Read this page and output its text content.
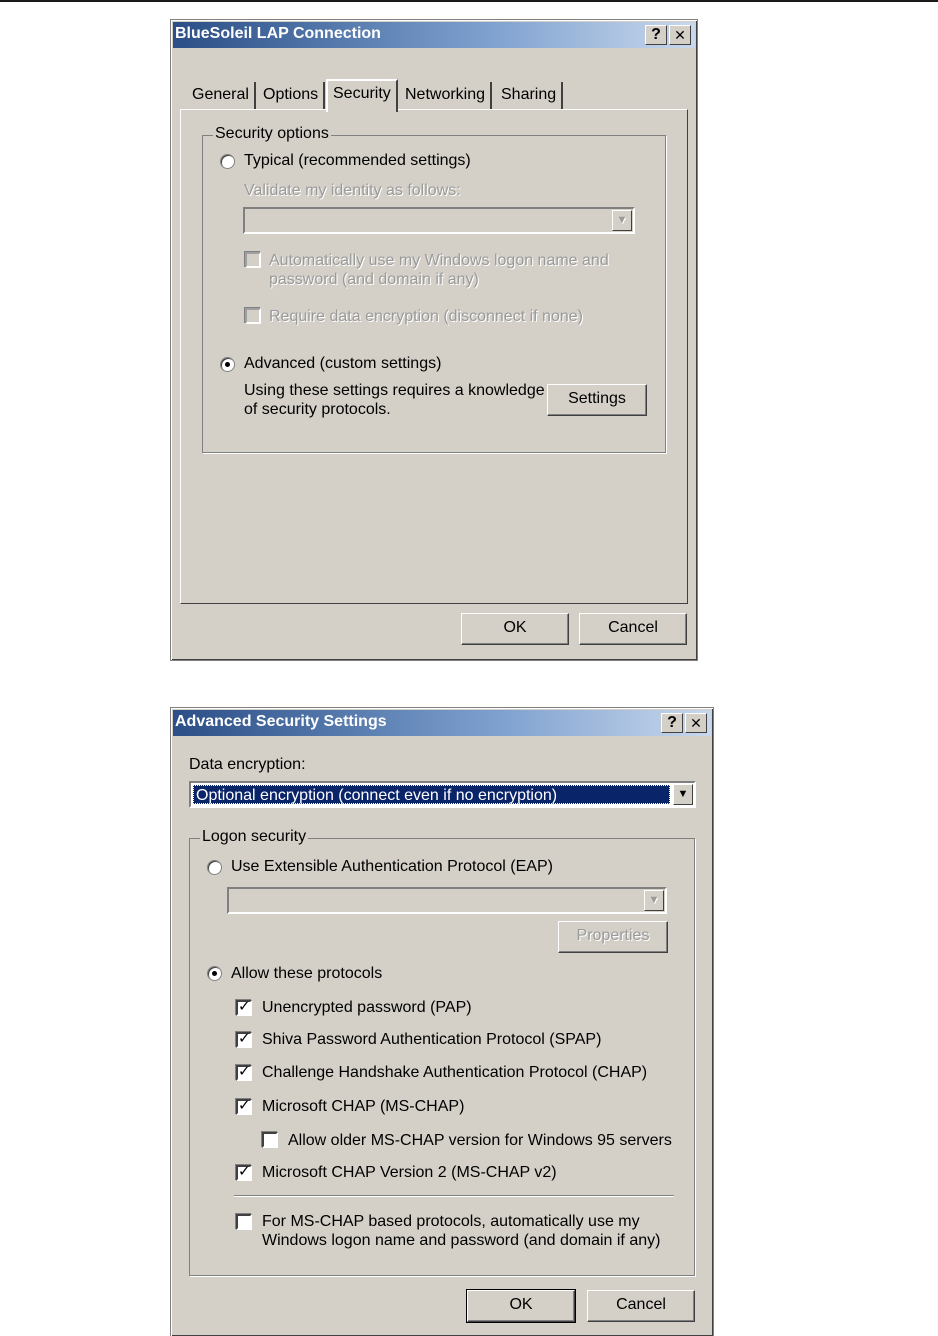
BlueSoleil LAP Connection	? ✕
General Options Security Networking Sharing
Security options
Typical (recommended settings)
Validate my identity as follows:
▼
Automatically use my Windows logon name and
password (and domain if any)
Require data encryption (disconnect if none)
Advanced (custom settings)
Using these settings requires a knowledge
of security protocols.
Settings
OK	Cancel
Advanced Security Settings	? ✕
Data encryption:
Optional encryption (connect even if no encryption)	▼
Logon security
Use Extensible Authentication Protocol (EAP)
▼
Properties
Allow these protocols
✓ Unencrypted password (PAP)
✓ Shiva Password Authentication Protocol (SPAP)
✓ Challenge Handshake Authentication Protocol (CHAP)
✓ Microsoft CHAP (MS-CHAP)
Allow older MS-CHAP version for Windows 95 servers
✓ Microsoft CHAP Version 2 (MS-CHAP v2)
For MS-CHAP based protocols, automatically use my
Windows logon name and password (and domain if any)
OK	Cancel
